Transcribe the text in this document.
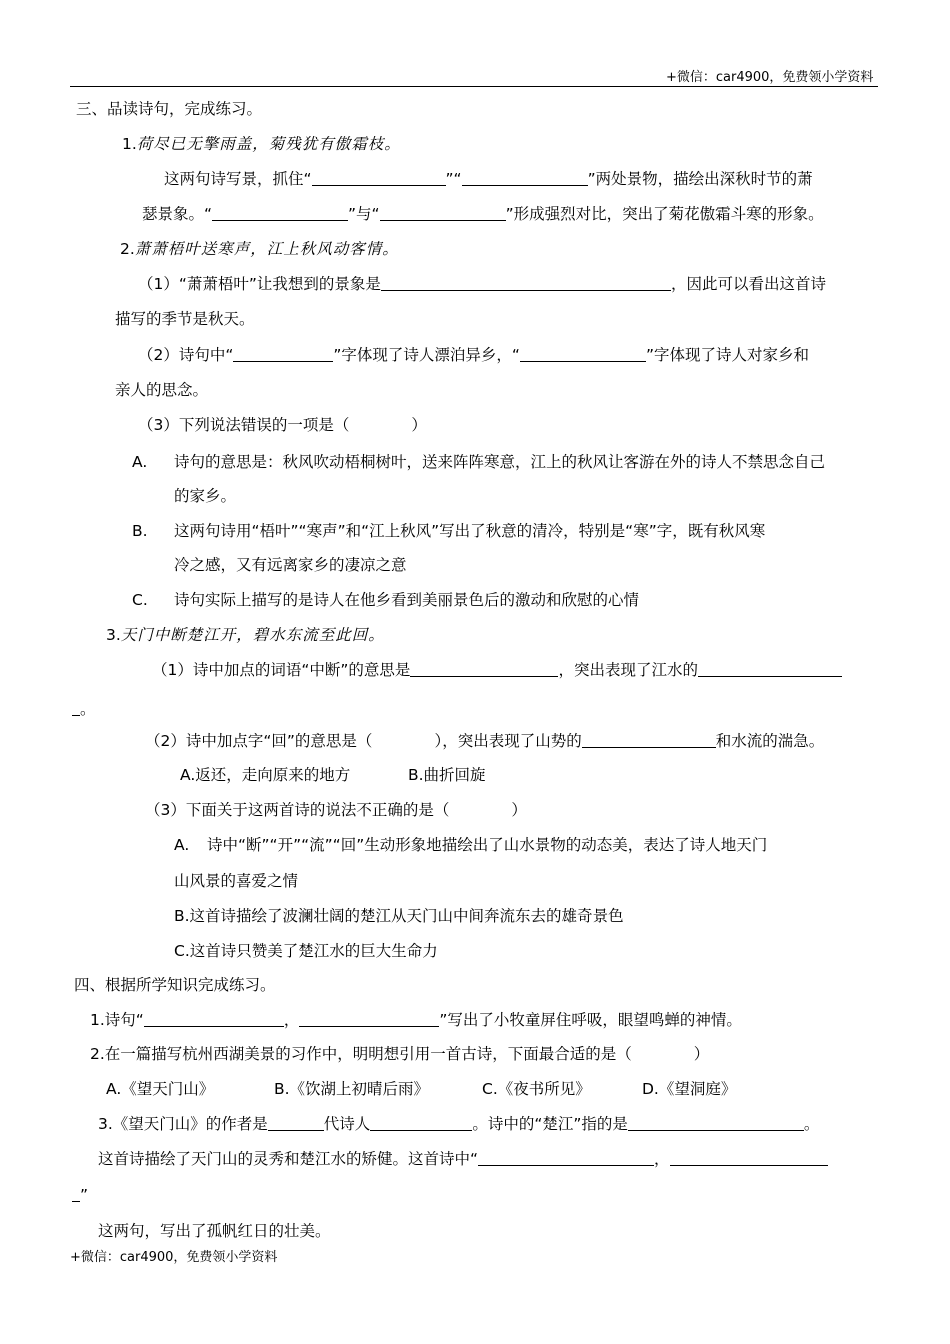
+微信：car4900，免费领小学资料
三、品读诗句，完成练习。
1.荷尽已无擎雨盖，菊残犹有傲霜枝。
这两句诗写景，抓住“	”“	”两处景物，描绘出深秋时节的萧
瑟景象。“	”与“	”形成强烈对比，突出了菊花傲霜斗寒的形象。
2.萧萧梧叶送寒声，江上秋风动客情。
（1）“萧萧梧叶”让我想到的景象是	，因此可以看出这首诗
描写的季节是秋天。
（2）诗句中“	”字体现了诗人漂泊异乡，“	”字体现了诗人对家乡和
亲人的思念。
（3）下列说法错误的一项是（	）
A. 诗句的意思是：秋风吹动梧桐树叶，送来阵阵寒意，江上的秋风让客游在外的诗人不禁思念自己
的家乡。
B. 这两句诗用“梧叶”“寒声”和“江上秋风”写出了秋意的清冷，特别是“寒”字，既有秋风寒
冷之感，又有远离家乡的凄凉之意
C. 诗句实际上描写的是诗人在他乡看到美丽景色后的激动和欣慰的心情
3.天门中断楚江开，碧水东流至此回。
（1）诗中加点的词语“中断”的意思是	，突出表现了江水的
。
（2）诗中加点字“回”的意思是（	），突出表现了山势的	和水流的湍急。
A.返还，走向原来的地方	B.曲折回旋
（3）下面关于这两首诗的说法不正确的是（	）
A. 诗中“断”“开”“流”“回”生动形象地描绘出了山水景物的动态美，表达了诗人地天门
山风景的喜爱之情
B.这首诗描绘了波澜壮阔的楚江从天门山中间奔流东去的雄奇景色
C.这首诗只赞美了楚江水的巨大生命力
四、根据所学知识完成练习。
1.诗句“	，	”写出了小牧童屏住呼吸，眼望鸣蝉的神情。
2.在一篇描写杭州西湖美景的习作中，明明想引用一首古诗，下面最合适的是（	）
A.《望天门山》	B.《饮湖上初晴后雨》	C.《夜书所见》	D.《望洞庭》
3.《望天门山》的作者是	代诗人	。诗中的“楚江”指的是	。
这首诗描绘了天门山的灵秀和楚江水的矫健。这首诗中“	，
”
这两句，写出了孤帆红日的壮美。
+微信：car4900，免费领小学资料
